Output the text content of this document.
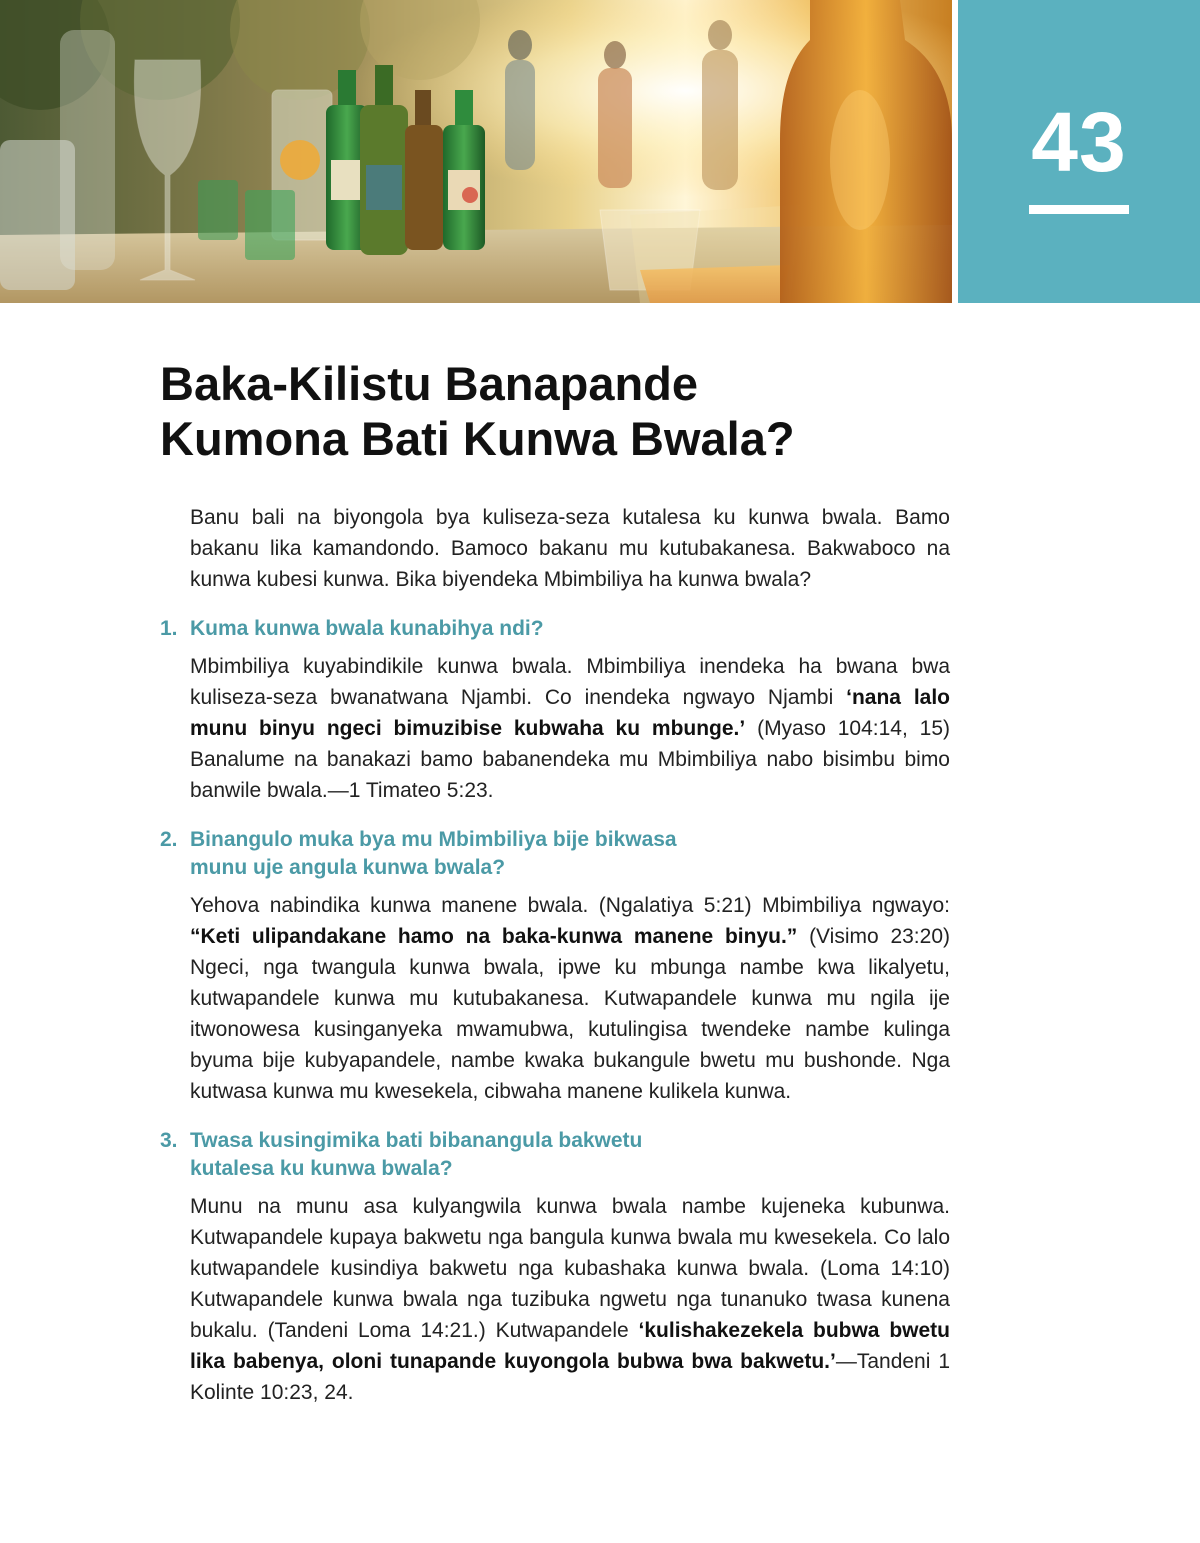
43
Baka-Kilistu Banapande
Kumona Bati Kunwa Bwala?

Banu bali na biyongola bya kuliseza-seza kutalesa ku kunwa bwala. Bamo bakanu lika kamandondo. Bamoco bakanu mu kutubakanesa. Bakwaboco na kunwa kubesi kunwa. Bika biyendeka Mbimbiliya ha kunwa bwala?

1. Kuma kunwa bwala kunabihya ndi?

Mbimbiliya kuyabindikile kunwa bwala. Mbimbiliya inendeka ha bwana bwa kuliseza-seza bwanatwana Njambi. Co inendeka ngwayo Njambi ‘nana lalo munu binyu ngeci bimuzibise kubwaha ku mbunge.’ (Myaso 104:14, 15) Banalume na banakazi bamo babanendeka mu Mbimbiliya nabo bisimbu bimo banwile bwala.—1 Timateo 5:23.

2. Binangulo muka bya mu Mbimbiliya bije bikwasa
munu uje angula kunwa bwala?

Yehova nabindika kunwa manene bwala. (Ngalatiya 5:21) Mbimbiliya ngwayo: “Keti ulipandakane hamo na baka-kunwa manene binyu.” (Visimo 23:20) Ngeci, nga twangula kunwa bwala, ipwe ku mbunga nambe kwa likalyetu, kutwapandele kunwa mu kutubakanesa. Kutwapandele kunwa mu ngila ije itwonowesa kusinganyeka mwamubwa, kutulingisa twendeke nambe kulinga byuma bije kubyapandele, nambe kwaka bukangule bwetu mu bushonde. Nga kutwasa kunwa mu kwesekela, cibwaha manene kulikela kunwa.

3. Twasa kusingimika bati bibanangula bakwetu
kutalesa ku kunwa bwala?

Munu na munu asa kulyangwila kunwa bwala nambe kujeneka kubunwa. Kutwapandele kupaya bakwetu nga bangula kunwa bwala mu kwesekela. Co lalo kutwapandele kusindiya bakwetu nga kubashaka kunwa bwala. (Loma 14:10) Kutwapandele kunwa bwala nga tuzibuka ngwetu nga tunanuko twasa kunena bukalu. (Tandeni Loma 14:21.) Kutwapandele ‘kulishakezekela bubwa bwetu lika babenya, oloni tunapande kuyongola bubwa bwa bakwetu.’—Tandeni 1 Kolinte 10:23, 24.
